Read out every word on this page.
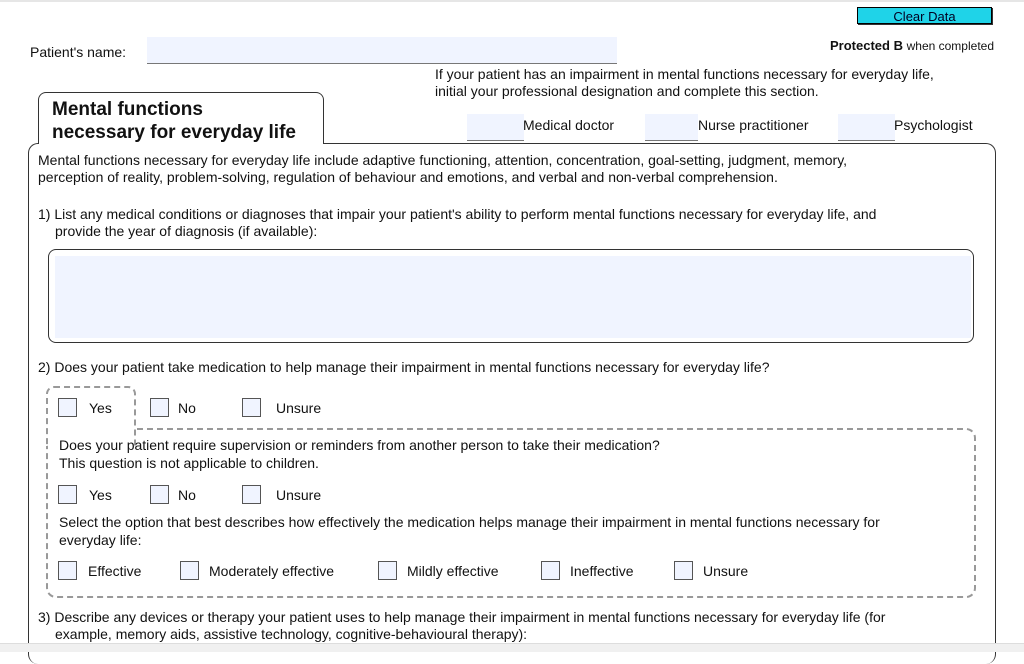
Clear Data
Patient's name:	Protected B when completed
If your patient has an impairment in mental functions necessary for everyday life,
initial your professional designation and complete this section.
Medical doctor	Nurse practitioner	Psychologist
Mental functions
necessary for everyday life
Mental functions necessary for everyday life include adaptive functioning, attention, concentration, goal-setting, judgment, memory,
perception of reality, problem-solving, regulation of behaviour and emotions, and verbal and non-verbal comprehension.
1) List any medical conditions or diagnoses that impair your patient's ability to perform mental functions necessary for everyday life, and
provide the year of diagnosis (if available):
2) Does your patient take medication to help manage their impairment in mental functions necessary for everyday life?
Yes	No	Unsure
Does your patient require supervision or reminders from another person to take their medication?
This question is not applicable to children.
Yes	No	Unsure
Select the option that best describes how effectively the medication helps manage their impairment in mental functions necessary for
everyday life:
Effective	Moderately effective	Mildly effective	Ineffective	Unsure
3) Describe any devices or therapy your patient uses to help manage their impairment in mental functions necessary for everyday life (for
example, memory aids, assistive technology, cognitive-behavioural therapy):
